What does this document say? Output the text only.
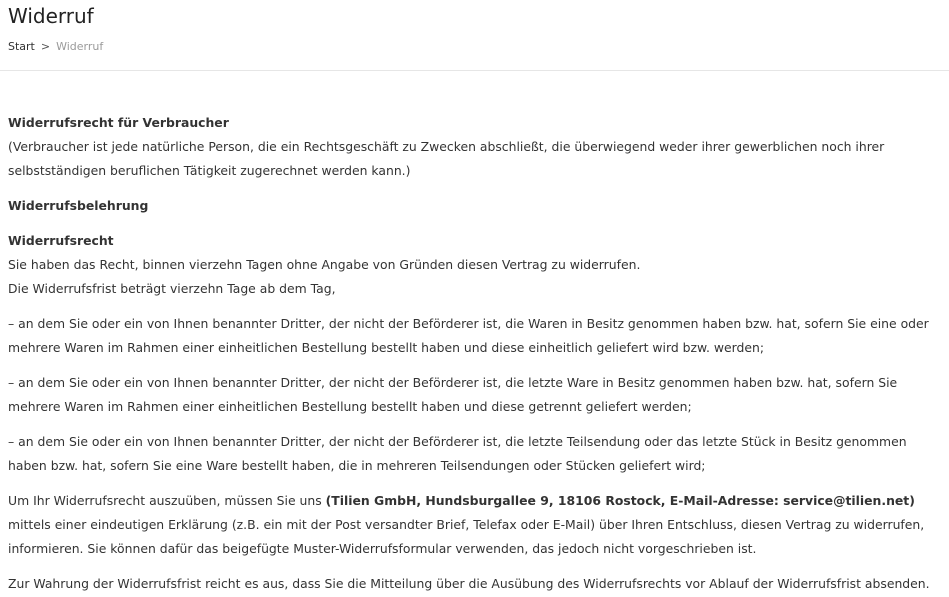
Widerruf
Start > Widerruf

Widerrufsrecht für Verbraucher
(Verbraucher ist jede natürliche Person, die ein Rechtsgeschäft zu Zwecken abschließt, die überwiegend weder ihrer gewerblichen noch ihrer selbstständigen beruflichen Tätigkeit zugerechnet werden kann.)

Widerrufsbelehrung

Widerrufsrecht
Sie haben das Recht, binnen vierzehn Tagen ohne Angabe von Gründen diesen Vertrag zu widerrufen.
Die Widerrufsfrist beträgt vierzehn Tage ab dem Tag,

– an dem Sie oder ein von Ihnen benannter Dritter, der nicht der Beförderer ist, die Waren in Besitz genommen haben bzw. hat, sofern Sie eine oder mehrere Waren im Rahmen einer einheitlichen Bestellung bestellt haben und diese einheitlich geliefert wird bzw. werden;

– an dem Sie oder ein von Ihnen benannter Dritter, der nicht der Beförderer ist, die letzte Ware in Besitz genommen haben bzw. hat, sofern Sie mehrere Waren im Rahmen einer einheitlichen Bestellung bestellt haben und diese getrennt geliefert werden;

– an dem Sie oder ein von Ihnen benannter Dritter, der nicht der Beförderer ist, die letzte Teilsendung oder das letzte Stück in Besitz genommen haben bzw. hat, sofern Sie eine Ware bestellt haben, die in mehreren Teilsendungen oder Stücken geliefert wird;

Um Ihr Widerrufsrecht auszuüben, müssen Sie uns (Tilien GmbH, Hundsburgallee 9, 18106 Rostock, E-Mail-Adresse: service@tilien.net) mittels einer eindeutigen Erklärung (z.B. ein mit der Post versandter Brief, Telefax oder E-Mail) über Ihren Entschluss, diesen Vertrag zu widerrufen, informieren. Sie können dafür das beigefügte Muster-Widerrufsformular verwenden, das jedoch nicht vorgeschrieben ist.

Zur Wahrung der Widerrufsfrist reicht es aus, dass Sie die Mitteilung über die Ausübung des Widerrufsrechts vor Ablauf der Widerrufsfrist absenden.
